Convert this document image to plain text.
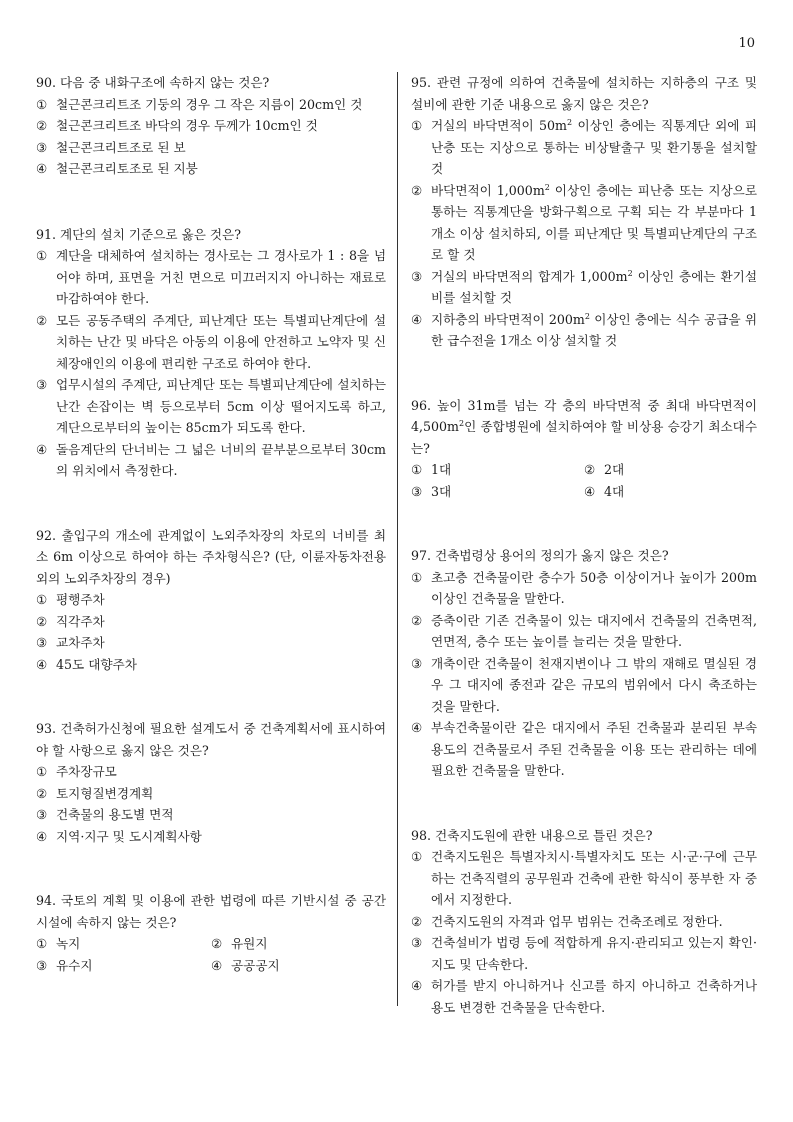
10
90. 다음 중 내화구조에 속하지 않는 것은?
① 철근콘크리트조 기둥의 경우 그 작은 지름이 20cm인 것
② 철근콘크리트조 바닥의 경우 두께가 10cm인 것
③ 철근콘크리트조로 된 보
④ 철근콘크리토조로 된 지붕
91. 계단의 설치 기준으로 옳은 것은?
① 계단을 대체하여 설치하는 경사로는 그 경사로가 1 : 8을 넘어야 하며, 표면을 거친 면으로 미끄러지지 아니하는 재료로 마감하여야 한다.
② 모든 공동주택의 주계단, 피난계단 또는 특별피난계단에 설치하는 난간 및 바닥은 아동의 이용에 안전하고 노약자 및 신체장애인의 이용에 편리한 구조로 하여야 한다.
③ 업무시설의 주계단, 피난계단 또는 특별피난계단에 설치하는 난간 손잡이는 벽 등으로부터 5cm 이상 떨어지도록 하고, 계단으로부터의 높이는 85cm가 되도록 한다.
④ 돌음계단의 단너비는 그 넓은 너비의 끝부분으로부터 30cm의 위치에서 측정한다.
92. 출입구의 개소에 관계없이 노외주차장의 차로의 너비를 최소 6m 이상으로 하여야 하는 주차형식은? (단, 이륜자동차전용 외의 노외주차장의 경우)
① 평행주차
② 직각주차
③ 교차주차
④ 45도 대향주차
93. 건축허가신청에 필요한 설계도서 중 건축계획서에 표시하여야 할 사항으로 옳지 않은 것은?
① 주차장규모
② 토지형질변경계획
③ 건축물의 용도별 면적
④ 지역·지구 및 도시계획사항
94. 국토의 계획 및 이용에 관한 법령에 따른 기반시설 중 공간시설에 속하지 않는 것은?
① 녹지	② 유원지
③ 유수지	④ 공공공지
95. 관련 규정에 의하여 건축물에 설치하는 지하층의 구조 및 설비에 관한 기준 내용으로 옳지 않은 것은?
① 거실의 바닥면적이 $50m^2$ 이상인 층에는 직통계단 외에 피난층 또는 지상으로 통하는 비상탈출구 및 환기통을 설치할 것
② 바닥면적이 $1,000m^2$ 이상인 층에는 피난층 또는 지상으로 통하는 직통계단을 방화구획으로 구획 되는 각 부분마다 1개소 이상 설치하되, 이를 피난계단 및 특별피난계단의 구조로 할 것
③ 거실의 바닥면적의 합계가 $1,000m^2$ 이상인 층에는 환기설비를 설치할 것
④ 지하층의 바닥면적이 $200m^2$ 이상인 층에는 식수 공급을 위한 급수전을 1개소 이상 설치할 것
96. 높이 31m를 넘는 각 층의 바닥면적 중 최대 바닥면적이 $4,500m^2$인 종합병원에 설치하여야 할 비상용 승강기 최소대수는?
① 1대	② 2대
③ 3대	④ 4대
97. 건축법령상 용어의 정의가 옳지 않은 것은?
① 초고층 건축물이란 층수가 50층 이상이거나 높이가 200m 이상인 건축물을 말한다.
② 증축이란 기존 건축물이 있는 대지에서 건축물의 건축면적, 연면적, 층수 또는 높이를 늘리는 것을 말한다.
③ 개축이란 건축물이 천재지변이나 그 밖의 재해로 멸실된 경우 그 대지에 종전과 같은 규모의 범위에서 다시 축조하는 것을 말한다.
④ 부속건축물이란 같은 대지에서 주된 건축물과 분리된 부속용도의 건축물로서 주된 건축물을 이용 또는 관리하는 데에 필요한 건축물을 말한다.
98. 건축지도원에 관한 내용으로 틀린 것은?
① 건축지도원은 특별자치시·특별자치도 또는 시·군·구에 근무하는 건축직렬의 공무원과 건축에 관한 학식이 풍부한 자 중에서 지정한다.
② 건축지도원의 자격과 업무 범위는 건축조례로 정한다.
③ 건축설비가 법령 등에 적합하게 유지·관리되고 있는지 확인·지도 및 단속한다.
④ 허가를 받지 아니하거나 신고를 하지 아니하고 건축하거나 용도 변경한 건축물을 단속한다.
